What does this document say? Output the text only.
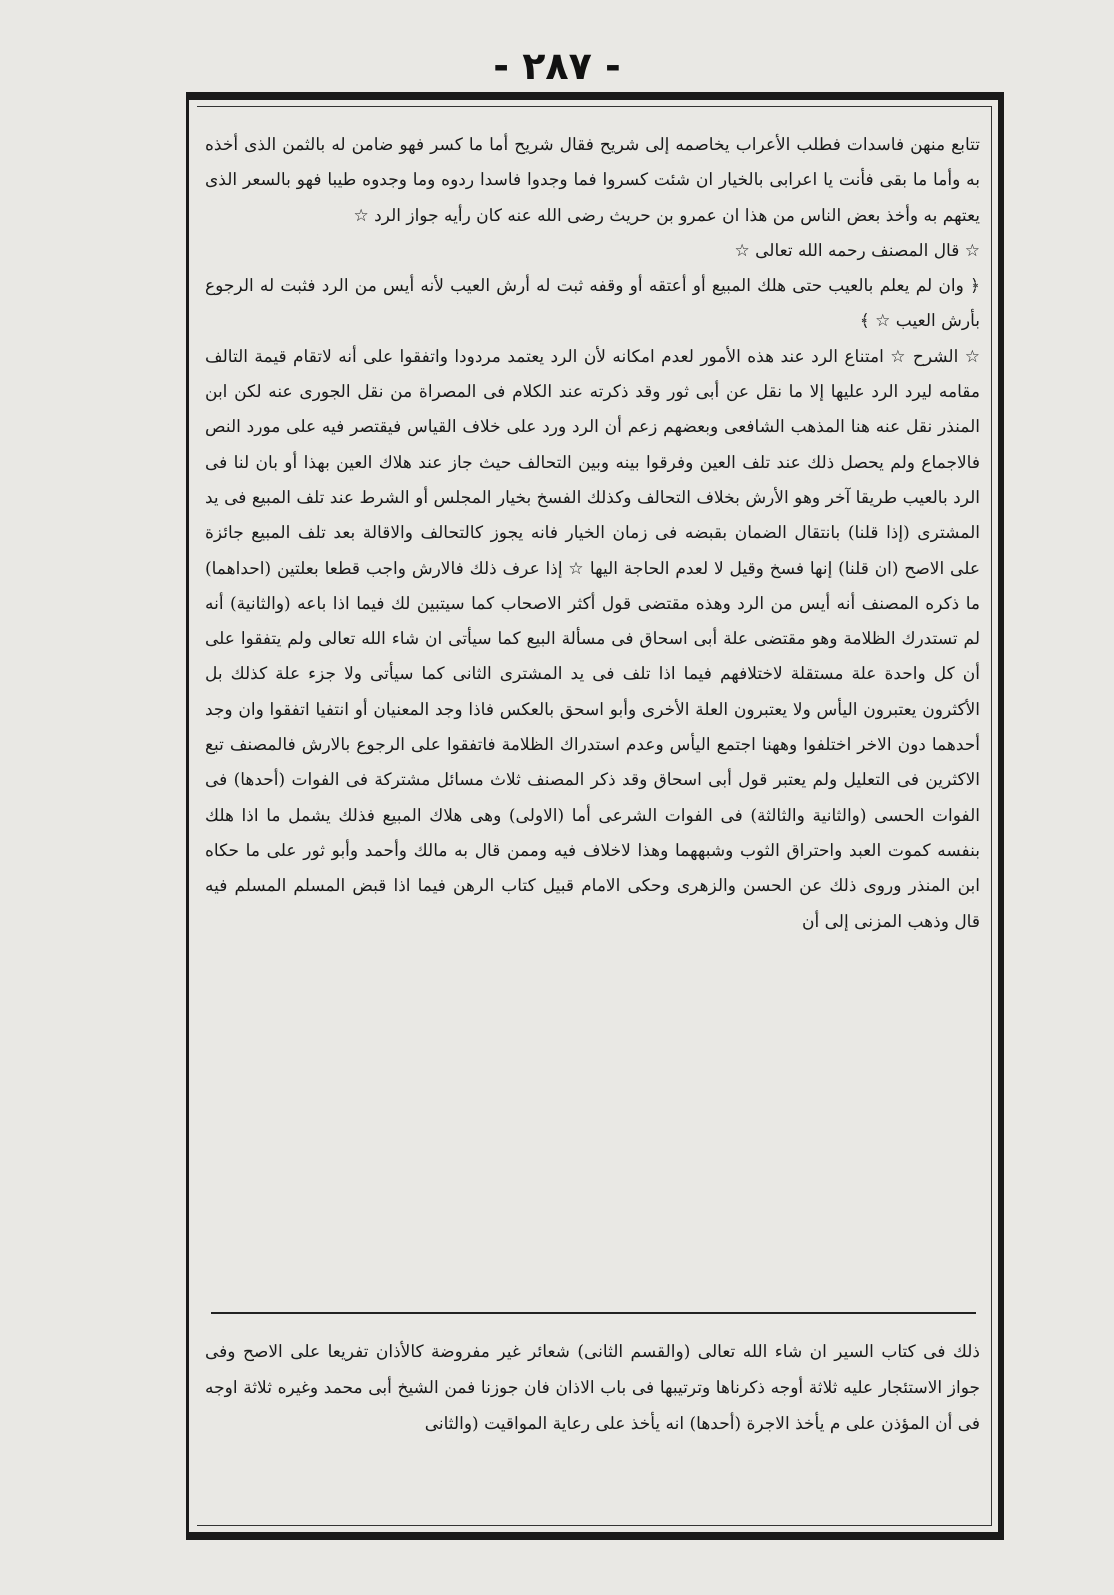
- ٢٨٧ -

تتابع منهن فاسدات فطلب الأعراب يخاصمه إلى شريح فقال شريح أما ما كسر فهو ضامن له بالثمن الذى أخذه به وأما ما بقى فأنت يا اعرابى بالخيار ان شئت كسروا فما وجدوا فاسدا ردوه وما وجدوه طيبا فهو بالسعر الذى يعتهم به وأخذ بعض الناس من هذا ان عمرو بن حريث رضى الله عنه كان رأيه جواز الرد ☆

☆ قال المصنف رحمه الله تعالى ☆

﴿ وان لم يعلم بالعيب حتى هلك المبيع أو أعتقه أو وقفه ثبت له أرش العيب لأنه أيس من الرد فثبت له الرجوع بأرش العيب ☆ ﴾

☆ الشرح ☆ امتناع الرد عند هذه الأمور لعدم امكانه لأن الرد يعتمد مردودا واتفقوا على أنه لاتقام قيمة التالف مقامه ليرد الرد عليها إلا ما نقل عن أبى ثور وقد ذكرته عند الكلام فى المصراة من نقل الجورى عنه لكن ابن المنذر نقل عنه هنا المذهب الشافعى وبعضهم زعم أن الرد ورد على خلاف القياس فيقتصر فيه على مورد النص فالاجماع ولم يحصل ذلك عند تلف العين وفرقوا بينه وبين التحالف حيث جاز عند هلاك العين بهذا أو بان لنا فى الرد بالعيب طريقا آخر وهو الأرش بخلاف التحالف وكذلك الفسخ بخيار المجلس أو الشرط عند تلف المبيع فى يد المشترى (إذا قلنا) بانتقال الضمان بقبضه فى زمان الخيار فانه يجوز كالتحالف والاقالة بعد تلف المبيع جائزة على الاصح (ان قلنا) إنها فسخ وقيل لا لعدم الحاجة اليها ☆ إذا عرف ذلك فالارش واجب قطعا بعلتين (احداهما) ما ذكره المصنف أنه أيس من الرد وهذه مقتضى قول أكثر الاصحاب كما سيتبين لك فيما اذا باعه (والثانية) أنه لم تستدرك الظلامة وهو مقتضى علة أبى اسحاق فى مسألة البيع كما سيأتى ان شاء الله تعالى ولم يتفقوا على أن كل واحدة علة مستقلة لاختلافهم فيما اذا تلف فى يد المشترى الثانى كما سيأتى ولا جزء علة كذلك بل الأكثرون يعتبرون اليأس ولا يعتبرون العلة الأخرى وأبو اسحق بالعكس فاذا وجد المعنيان أو انتفيا اتفقوا وان وجد أحدهما دون الاخر اختلفوا وههنا اجتمع اليأس وعدم استدراك الظلامة فاتفقوا على الرجوع بالارش فالمصنف تبع الاكثرين فى التعليل ولم يعتبر قول أبى اسحاق وقد ذكر المصنف ثلاث مسائل مشتركة فى الفوات (أحدها) فى الفوات الحسى (والثانية والثالثة) فى الفوات الشرعى أما (الاولى) وهى هلاك المبيع فذلك يشمل ما اذا هلك بنفسه كموت العبد واحتراق الثوب وشبههما وهذا لاخلاف فيه وممن قال به مالك وأحمد وأبو ثور على ما حكاه ابن المنذر وروى ذلك عن الحسن والزهرى وحكى الامام قبيل كتاب الرهن فيما اذا قبض المسلم المسلم فيه قال وذهب المزنى إلى أن

ذلك فى كتاب السير ان شاء الله تعالى (والقسم الثانى) شعائر غير مفروضة كالأذان تفريعا على الاصح وفى جواز الاستئجار عليه ثلاثة أوجه ذكرناها وترتيبها فى باب الاذان فان جوزنا فمن الشيخ أبى محمد وغيره ثلاثة اوجه فى أن المؤذن على م يأخذ الاجرة (أحدها) انه يأخذ على رعاية المواقيت (والثانى
